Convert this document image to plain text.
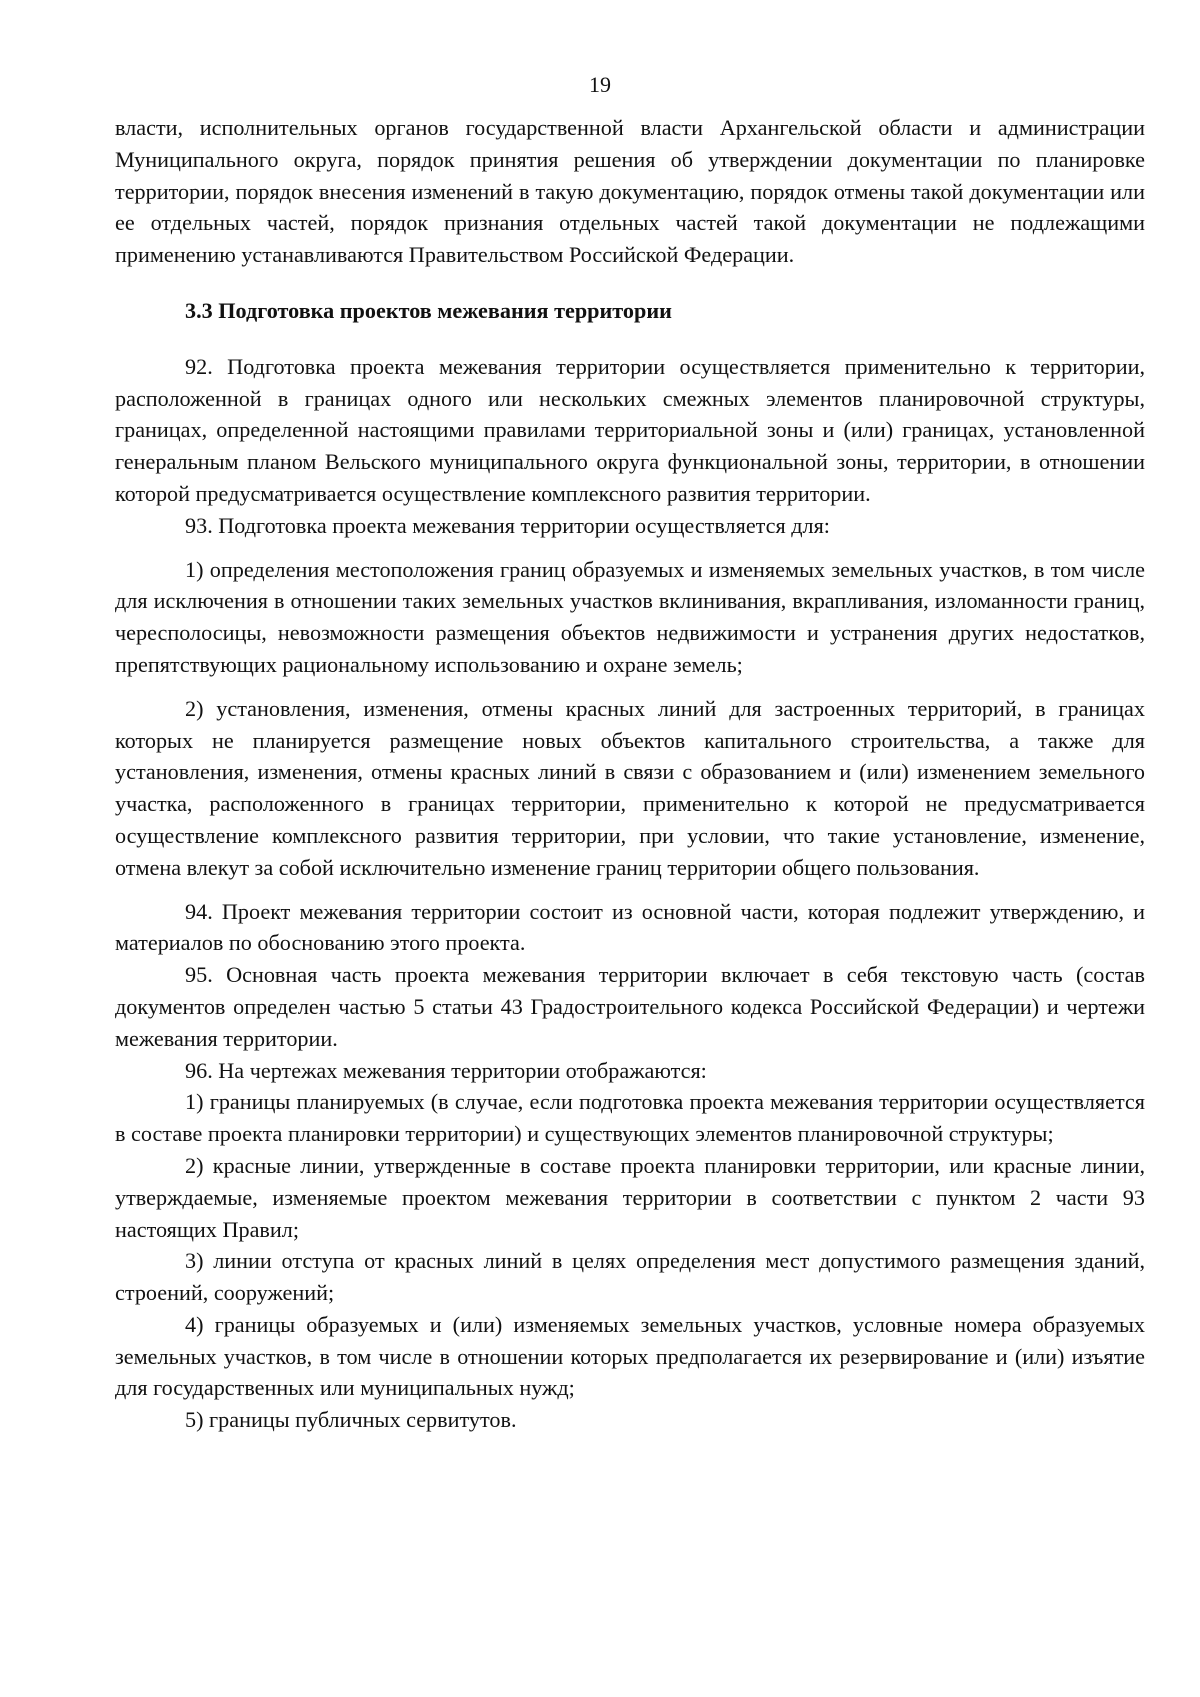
19

власти, исполнительных органов государственной власти Архангельской области и администрации Муниципального округа, порядок принятия решения об утверждении документации по планировке территории, порядок внесения изменений в такую документацию, порядок отмены такой документации или ее отдельных частей, порядок признания отдельных частей такой документации не подлежащими применению устанавливаются Правительством Российской Федерации.

3.3 Подготовка проектов межевания территории

92. Подготовка проекта межевания территории осуществляется применительно к территории, расположенной в границах одного или нескольких смежных элементов планировочной структуры, границах, определенной настоящими правилами территориальной зоны и (или) границах, установленной генеральным планом Вельского муниципального округа функциональной зоны, территории, в отношении которой предусматривается осуществление комплексного развития территории.

93. Подготовка проекта межевания территории осуществляется для:

1) определения местоположения границ образуемых и изменяемых земельных участков, в том числе для исключения в отношении таких земельных участков вклинивания, вкрапливания, изломанности границ, чересполосицы, невозможности размещения объектов недвижимости и устранения других недостатков, препятствующих рациональному использованию и охране земель;

2) установления, изменения, отмены красных линий для застроенных территорий, в границах которых не планируется размещение новых объектов капитального строительства, а также для установления, изменения, отмены красных линий в связи с образованием и (или) изменением земельного участка, расположенного в границах территории, применительно к которой не предусматривается осуществление комплексного развития территории, при условии, что такие установление, изменение, отмена влекут за собой исключительно изменение границ территории общего пользования.

94. Проект межевания территории состоит из основной части, которая подлежит утверждению, и материалов по обоснованию этого проекта.

95. Основная часть проекта межевания территории включает в себя текстовую часть (состав документов определен частью 5 статьи 43 Градостроительного кодекса Российской Федерации) и чертежи межевания территории.

96. На чертежах межевания территории отображаются:

1) границы планируемых (в случае, если подготовка проекта межевания территории осуществляется в составе проекта планировки территории) и существующих элементов планировочной структуры;

2) красные линии, утвержденные в составе проекта планировки территории, или красные линии, утверждаемые, изменяемые проектом межевания территории в соответствии с пунктом 2 части 93 настоящих Правил;

3) линии отступа от красных линий в целях определения мест допустимого размещения зданий, строений, сооружений;

4) границы образуемых и (или) изменяемых земельных участков, условные номера образуемых земельных участков, в том числе в отношении которых предполагается их резервирование и (или) изъятие для государственных или муниципальных нужд;

5) границы публичных сервитутов.
